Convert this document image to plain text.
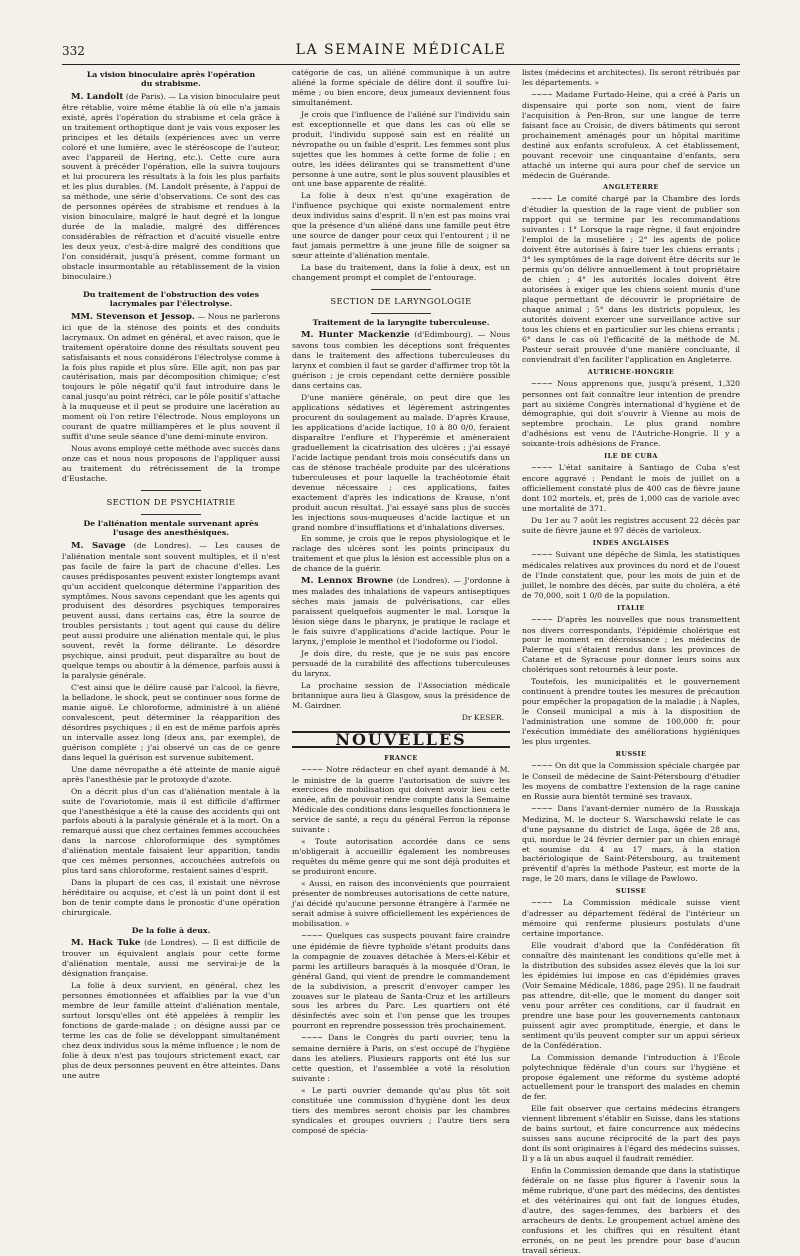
332	LA SEMAINE MÉDICALE
La vision binoculaire après l'opération
du strabisme.

M. Landolt (de Paris). — La vision binoculaire peut être rétablie, voire même établie là où elle n'a jamais existé, après l'opération du strabisme et cela grâce à un traitement orthoptique dont je vais vous exposer les principes et les détails (expériences avec un verre coloré et une lumière, avec le stéréoscope de l'auteur, avec l'appareil de Hering, etc.). Cette cure aura souvent à précéder l'opération, elle la suivra toujours et lui procurera les résultats à la fois les plus parfaits et les plus durables. (M. Landolt présente, à l'appui de sa méthode, une série d'observations. Ce sont des cas de personnes opérées de strabisme et rendues à la vision binoculaire, malgré le haut degré et la longue durée de la maladie, malgré des différences considérables de réfraction et d'acuité visuelle entre les deux yeux, c'est-à-dire malgré des conditions que l'on considérait, jusqu'à présent, comme formant un obstacle insurmontable au rétablissement de la vision binoculaire.)

Du traitement de l'obstruction des voies lacrymales par l'électrolyse.

MM. Stevenson et Jessop. — Nous ne parlerons ici que de la sténose des points et des conduits lacrymaux. On admet en général, et avec raison, que le traitement opératoire donne des résultats souvent peu satisfaisants et nous considérons l'électrolyse comme à la fois plus rapide et plus sûre. Elle agit, non pas par cautérisation, mais par décomposition chimique; c'est toujours le pôle négatif qu'il faut introduire dans le canal jusqu'au point rétréci, car le pôle positif s'attache à la muqueuse et il peut se produire une lacération au moment où l'on retire l'électrode. Nous employons un courant de quatre milliampères et le plus souvent il suffit d'une seule séance d'une demi-minute environ.

Nous avons employé cette méthode avec succès dans onze cas et nous nous proposons de l'appliquer aussi au traitement du rétrécissement de la trompe d'Eustache.

SECTION DE PSYCHIATRIE
De l'aliénation mentale survenant après
l'usage des anesthésiques.

M. Savage (de Londres). — Les causes de l'aliénation mentale sont souvent multiples, et il n'est pas facile de faire la part de chacune d'elles. Les causes prédisposantes peuvent exister longtemps avant qu'un accident quelconque détermine l'apparition des symptômes. Nous savons cependant que les agents qui produisent des désordres psychiques temporaires peuvent aussi, dans certains cas, être la source de troubles persistants ; tout agent qui cause du délire peut aussi produire une aliénation mentale qui, le plus souvent, revêt la forme délirante. Le désordre psychique, ainsi produit, peut disparaître au bout de quelque temps ou aboutir à la démence, parfois aussi à la paralysie générale.

C'est ainsi que le délire causé par l'alcool, la fièvre, la belladone, le shock, peut se continuer sous forme de manie aiguë. Le chloroforme, administré à un aliéné convalescent, peut déterminer la réapparition des désordres psychiques ; il en est de même parfois après un intervalle assez long (deux ans, par exemple), de guérison complète ; j'ai observé un cas de ce genre dans lequel la guérison est survenue subitement.

Une dame névropathe a été atteinte de manie aiguë après l'anesthésie par le protoxyde d'azote.

On a décrit plus d'un cas d'aliénation mentale à la suite de l'ovariotomie, mais il est difficile d'affirmer que l'anesthésique a été la cause des accidents qui ont parfois abouti à la paralysie générale et à la mort. On a remarqué aussi que chez certaines femmes accouchées dans la narcose chloroformique des symptômes d'aliénation mentale faisaient leur apparition, tandis que ces mêmes personnes, accouchées autrefois ou plus tard sans chloroforme, restaient saines d'esprit.

Dans la plupart de ces cas, il existait une névrose héréditaire ou acquise, et c'est là un point dont il est bon de tenir compte dans le pronostic d'une opération chirurgicale.

De la folie à deux.

M. Hack Tuke (de Londres). — Il est difficile de trouver un équivalent anglais pour cette forme d'aliénation mentale, aussi me servirai-je de la désignation française.

La folie à deux survient, en général, chez les personnes émotionnées et affaiblies par la vue d'un membre de leur famille atteint d'aliénation mentale, surtout lorsqu'elles ont été appelées à remplir les fonctions de garde-malade ; on désigne aussi par ce terme les cas de folie se développant simultanément chez deux individus sous la même influence ; le nom de folie à deux n'est pas toujours strictement exact, car plus de deux personnes peuvent en être atteintes. Dans une autre

catégorie de cas, un aliéné communique à un autre aliéné la forme spéciale de délire dont il souffre lui-même ; ou bien encore, deux jumeaux deviennent fous simultanément.

Je crois que l'influence de l'aliéné sur l'individu sain est exceptionnelle et que dans les cas où elle se produit, l'individu supposé sain est en réalité un névropathe ou un faible d'esprit. Les femmes sont plus sujettes que les hommes à cette forme de folie ; en outre, les idées délirantes qui se transmettent d'une personne à une autre, sont le plus souvent plausibles et ont une base apparente de réalité.

La folie à deux n'est qu'une exagération de l'influence psychique qui existe normalement entre deux individus sains d'esprit. Il n'en est pas moins vrai que la présence d'un aliéné dans une famille peut être une source de danger pour ceux qui l'entourent ; il ne faut jamais permettre à une jeune fille de soigner sa sœur atteinte d'aliénation mentale.

La base du traitement, dans la folie à deux, est un changement prompt et complet de l'entourage.

SECTION DE LARYNGOLOGIE
Traitement de la laryngite tuberculeuse.

M. Hunter Mackenzie (d'Edimbourg). — Nous savons tous combien les déceptions sont fréquentes dans le traitement des affections tuberculeuses du larynx et combien il faut se garder d'affirmer trop tôt la guérison ; je crois cependant cette dernière possible dans certains cas.

D'une manière générale, on peut dire que les applications sédatives et légèrement astringentes procurent du soulagement au malade. D'après Krause, les applications d'acide lactique, 10 à 80 0/0, feraient disparaître l'enflure et l'hyperémie et amèneraient graduellement la cicatrisation des ulcères ; j'ai essayé l'acide lactique pendant trois mois consécutifs dans un cas de sténose trachéale produite par des ulcérations tuberculeuses et pour laquelle la trachéotomie était devenue nécessaire ; ces applications, faites exactement d'après les indications de Krause, n'ont produit aucun résultat. J'ai essayé sans plus de succès les injections sous-muqueuses d'acide lactique et un grand nombre d'insufflations et d'inhalations diverses.

En somme, je crois que le repos physiologique et le raclage des ulcères sont les points principaux du traitement et que plus la lésion est accessible plus on a de chance de la guérir.

M. Lennox Browne (de Londres). — J'ordonne à mes malades des inhalations de vapeurs antiseptiques sèches mais jamais de pulvérisations, car elles paraissent quelquefois augmenter le mal. Lorsque la lésion siège dans le pharynx, je pratique le raclage et le fais suivre d'applications d'acide lactique. Pour le larynx, j'emploie le menthol et l'iodoforme ou l'iodol.

Je dois dire, du reste, que je ne suis pas encore persuadé de la curabilité des affections tuberculeuses du larynx.

La prochaine session de l'Association médicale britannique aura lieu à Glasgow, sous la présidence de M. Gairdner.

Dr KESER.
NOUVELLES
FRANCE

~~~~ Notre rédacteur en chef ayant demandé à M. le ministre de la guerre l'autorisation de suivre les exercices de mobilisation qui doivent avoir lieu cette année, afin de pouvoir rendre compte dans la Semaine Médicale des conditions dans lesquelles fonctionnera le service de santé, a reçu du général Ferron la réponse suivante :

« Toute autorisation accordée dans ce sens m'obligerait à accueillir également les nombreuses requêtes du même genre qui me sont déjà produites et se produiront encore.

« Aussi, en raison des inconvénients que pourraient présenter de nombreuses autorisations de cette nature, j'ai décidé qu'aucune personne étrangère à l'armée ne serait admise à suivre officiellement les expériences de mobilisation. »

~~~~ Quelques cas suspects pouvant faire craindre une épidémie de fièvre typhoïde s'étant produits dans la compagnie de zouaves détachée à Mers-el-Kébir et parmi les artilleurs baraqués à la mosquée d'Oran, le général Gand, qui vient de prendre le commandement de la subdivision, a prescrit d'envoyer camper les zouaves sur le plateau de Santa-Cruz et les artilleurs sous les arbres du Parc. Les quartiers ont été désinfectés avec soin et l'on pense que les troupes pourront en reprendre possession très prochainement.

~~~~ Dans le Congrès du parti ouvrier, tenu la semaine dernière à Paris, on s'est occupé de l'hygiène dans les ateliers. Plusieurs rapports ont été lus sur cette question, et l'assemblée a voté la résolution suivante :

« Le parti ouvrier demande qu'au plus tôt soit constituée une commission d'hygiène dont les deux tiers des membres seront choisis par les chambres syndicales et groupes ouvriers ; l'autre tiers sera composé de spécia-

listes (médecins et architectes). Ils seront rétribués par les départements. »

~~~~ Madame Furtado-Heine, qui a créé à Paris un dispensaire qui porte son nom, vient de faire l'acquisition à Pen-Bron, sur une langue de terre faisant face au Croisic, de divers bâtiments qui seront prochainement aménagés pour un hôpital maritime destiné aux enfants scrofuleux. A cet établissement, pouvant recevoir une cinquantaine d'enfants, sera attaché un interne qui aura pour chef de service un médecin de Guérande.

ANGLETERRE

~~~~ Le comité chargé par la Chambre des lords d'étudier la question de la rage vient de publier son rapport qui se termine par les recommandations suivantes : 1° Lorsque la rage règne, il faut enjoindre l'emploi de la muselière ; 2° les agents de police doivent être autorisés à faire tuer les chiens errants ; 3° les symptômes de la rage doivent être décrits sur le permis qu'on délivre annuellement à tout propriétaire de chien ; 4° les autorités locales doivent être autorisées à exiger que les chiens soient munis d'une plaque permettant de découvrir le propriétaire de chaque animal ; 5° dans les districts populeux, les autorités doivent exercer une surveillance active sur tous les chiens et en particulier sur les chiens errants ; 6° dans le cas où l'efficacité de la méthode de M. Pasteur serait prouvée d'une manière concluante, il conviendrait d'en faciliter l'application en Angleterre.

AUTRICHE-HONGRIE

~~~~ Nous apprenons que, jusqu'à présent, 1,320 personnes ont fait connaître leur intention de prendre part au sixième Congrès international d'hygiène et de démographie, qui doit s'ouvrir à Vienne au mois de septembre prochain. Le plus grand nombre d'adhésions est venu de l'Autriche-Hongrie. Il y a soixante-trois adhésions de France.

ILE DE CUBA

~~~~ L'état sanitaire à Santiago de Cuba s'est encore aggravé : Pendant le mois de juillet on a officiellement constaté plus de 400 cas de fièvre jaune dont 102 mortels, et, près de 1,000 cas de variole avec une mortalité de 371.

Du 1er au 7 août les registres accusent 22 décès par suite de fièvre jaune et 97 décès de varioleux.

INDES ANGLAISES

~~~~ Suivant une dépêche de Simla, les statistiques médicales relatives aux provinces du nord et de l'ouest de l'Inde constatent que, pour les mois de juin et de juillet, le nombre des décès, par suite du choléra, a été de 70,000, soit 1 0/0 de la population.

ITALIE

~~~~ D'après les nouvelles que nous transmettent nos divers correspondants, l'épidémie cholérique est pour le moment en décroissance ; les médecins de Palerme qui s'étaient rendus dans les provinces de Catane et de Syracuse pour donner leurs soins aux cholériques sont retournés à leur poste.

Toutefois, les municipalités et le gouvernement continuent à prendre toutes les mesures de précaution pour empêcher la propagation de la maladie ; à Naples, le Conseil municipal a mis à la disposition de l'administration une somme de 100,000 fr. pour l'exécution immédiate des améliorations hygiéniques les plus urgentes.

RUSSIE

~~~~ On dit que la Commission spéciale chargée par le Conseil de médecine de Saint-Pétersbourg d'étudier les moyens de combattre l'extension de la rage canine en Russie aura bientôt terminé ses travaux.

~~~~ Dans l'avant-dernier numéro de la Russkaja Medizina, M. le docteur S. Warschawski relate le cas d'une paysanne du district de Luga, âgée de 28 ans, qui, mordue le 24 février dernier par un chien enragé et soumise du 4 au 17 mars, à la station bactériologique de Saint-Pétersbourg, au traitement préventif d'après la méthode Pasteur, est morte de la rage, le 20 mars, dans le village de Pawlowo.

SUISSE

~~~~ La Commission médicale suisse vient d'adresser au département fédéral de l'intérieur un mémoire qui renferme plusieurs postulats d'une certaine importance.

Elle voudrait d'abord que la Confédération fît connaître dès maintenant les conditions qu'elle met à la distribution des subsides assez élevés que la loi sur les épidémies lui impose en cas d'épidémies graves (Voir Semaine Médicale, 1886, page 295). Il ne faudrait pas attendre, dit-elle, que le moment du danger soit venu pour arrêter ces conditions, car il faudrait en prendre une base pour les gouvernements cantonaux puissent agir avec promptitude, énergie, et dans le sentiment qu'ils peuvent compter sur un appui sérieux de la Confédération.

La Commission demande l'introduction à l'École polytechnique fédérale d'un cours sur l'hygiène et propose également une réforme du système adopté actuellement pour le transport des malades en chemin de fer.

Elle fait observer que certains médecins étrangers viennent librement s'établir en Suisse, dans les stations de bains surtout, et faire concurrence aux médecins suisses sans aucune réciprocité de la part des pays dont ils sont originaires à l'égard des médecins suisses. Il y a là un abus auquel il faudrait remédier.

Enfin la Commission demande que dans la statistique fédérale on ne fasse plus figurer à l'avenir sous la même rubrique, d'une part des médecins, des dentistes et des vétérinaires qui ont fait de longues études, d'autre, des sages-femmes, des barbiers et des arracheurs de dents. Le groupement actuel amène des confusions et les chiffres qui en résultent étant erronés, on ne peut les prendre pour base d'aucun travail sérieux.
